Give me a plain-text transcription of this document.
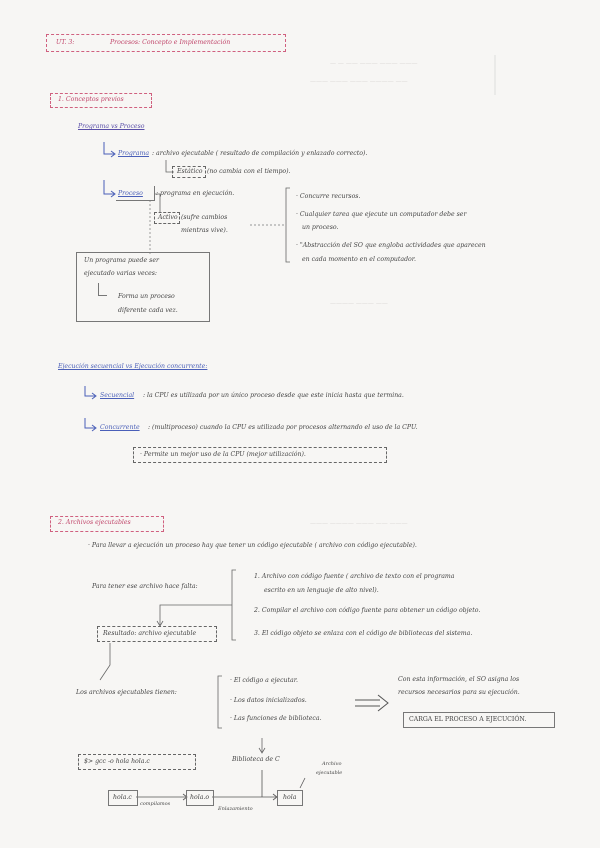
— — —— ——— ——— ———
——— ——— ——— ———— ——
———— ——— ——
——— ———— ——— —— ———
UT. 3:	Procesos: Concepto e Implementación
1. Conceptos previos
Programa vs Proceso
Programa : archivo ejecutable ( resultado de compilación y enlazado correcto).
Estático (no cambia con el tiempo).
Proceso : programa en ejecución.
Activo (sufre cambios
mientras vive).
· Concurre recursos.
· Cualquier tarea que ejecute un computador debe ser
un proceso.
· "Abstracción del SO que engloba actividades que aparecen
en cada momento en el computador.
Un programa puede ser
ejecutado varias veces:
Forma un proceso
diferente cada vez.
Ejecución secuencial vs Ejecución concurrente:
Secuencial : la CPU es utilizada por un único proceso desde que este inicia hasta que termina.
Concurrente : (multiproceso) cuando la CPU es utilizada por procesos alternando el uso de la CPU.
· Permite un mejor uso de la CPU (mejor utilización).
2. Archivos ejecutables
· Para llevar a ejecución un proceso hay que tener un código ejecutable ( archivo con código ejecutable).
Para tener ese archivo hace falta:
1. Archivo con código fuente ( archivo de texto con el programa
escrito en un lenguaje de alto nivel).
2. Compilar el archivo con código fuente para obtener un código objeto.
3. El código objeto se enlaza con el código de bibliotecas del sistema.
Resultado: archivo ejecutable
Los archivos ejecutables tienen:
· El código a ejecutar.
· Los datos inicializados.
· Las funciones de biblioteca.
Con esta información, el SO asigna los
recursos necesarios para su ejecución.
CARGA EL PROCESO A EJECUCIÓN.
$> gcc -o hola hola.c	Biblioteca de C
Archivo
ejecutable
hola.c
compilamos
hola.o
Enlazamiento
hola
